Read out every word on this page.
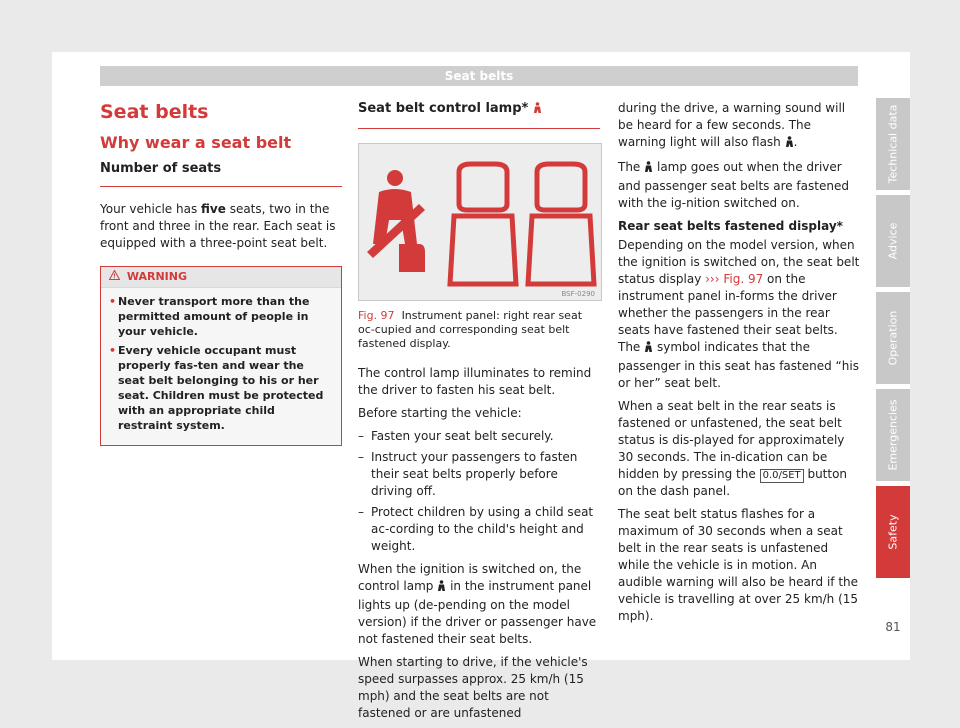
Seat belts
Seat belts
Why wear a seat belt
Number of seats

Your vehicle has five seats, two in the front and three in the rear. Each seat is equipped with a three-point seat belt.

WARNING
• Never transport more than the permitted amount of people in your vehicle.
• Every vehicle occupant must properly fas-ten and wear the seat belt belonging to his or her seat. Children must be protected with an appropriate child restraint system.
Seat belt control lamp*
BSF-0290
Fig. 97 Instrument panel: right rear seat oc-cupied and corresponding seat belt fastened display.

The control lamp illuminates to remind the driver to fasten his seat belt.

Before starting the vehicle:

– Fasten your seat belt securely.
– Instruct your passengers to fasten their seat belts properly before driving off.
– Protect children by using a child seat ac-cording to the child's height and weight.

When the ignition is switched on, the control lamp in the instrument panel lights up (de-pending on the model version) if the driver or passenger have not fastened their seat belts.

When starting to drive, if the vehicle's speed surpasses approx. 25 km/h (15 mph) and the seat belts are not fastened or are unfastened

during the drive, a warning sound will be heard for a few seconds. The warning light will also flash .

The lamp goes out when the driver and passenger seat belts are fastened with the ig-nition switched on.

Rear seat belts fastened display*

Depending on the model version, when the ignition is switched on, the seat belt status display ››› Fig. 97 on the instrument panel in-forms the driver whether the passengers in the rear seats have fastened their seat belts. The symbol indicates that the passenger in this seat has fastened “his or her” seat belt.

When a seat belt in the rear seats is fastened or unfastened, the seat belt status is dis-played for approximately 30 seconds. The in-dication can be hidden by pressing the 0.0/SET button on the dash panel.

The seat belt status flashes for a maximum of 30 seconds when a seat belt in the rear seats is unfastened while the vehicle is in motion. An audible warning will also be heard if the vehicle is travelling at over 25 km/h (15 mph).

Technical data
Advice
Operation
Emergencies
Safety
81
